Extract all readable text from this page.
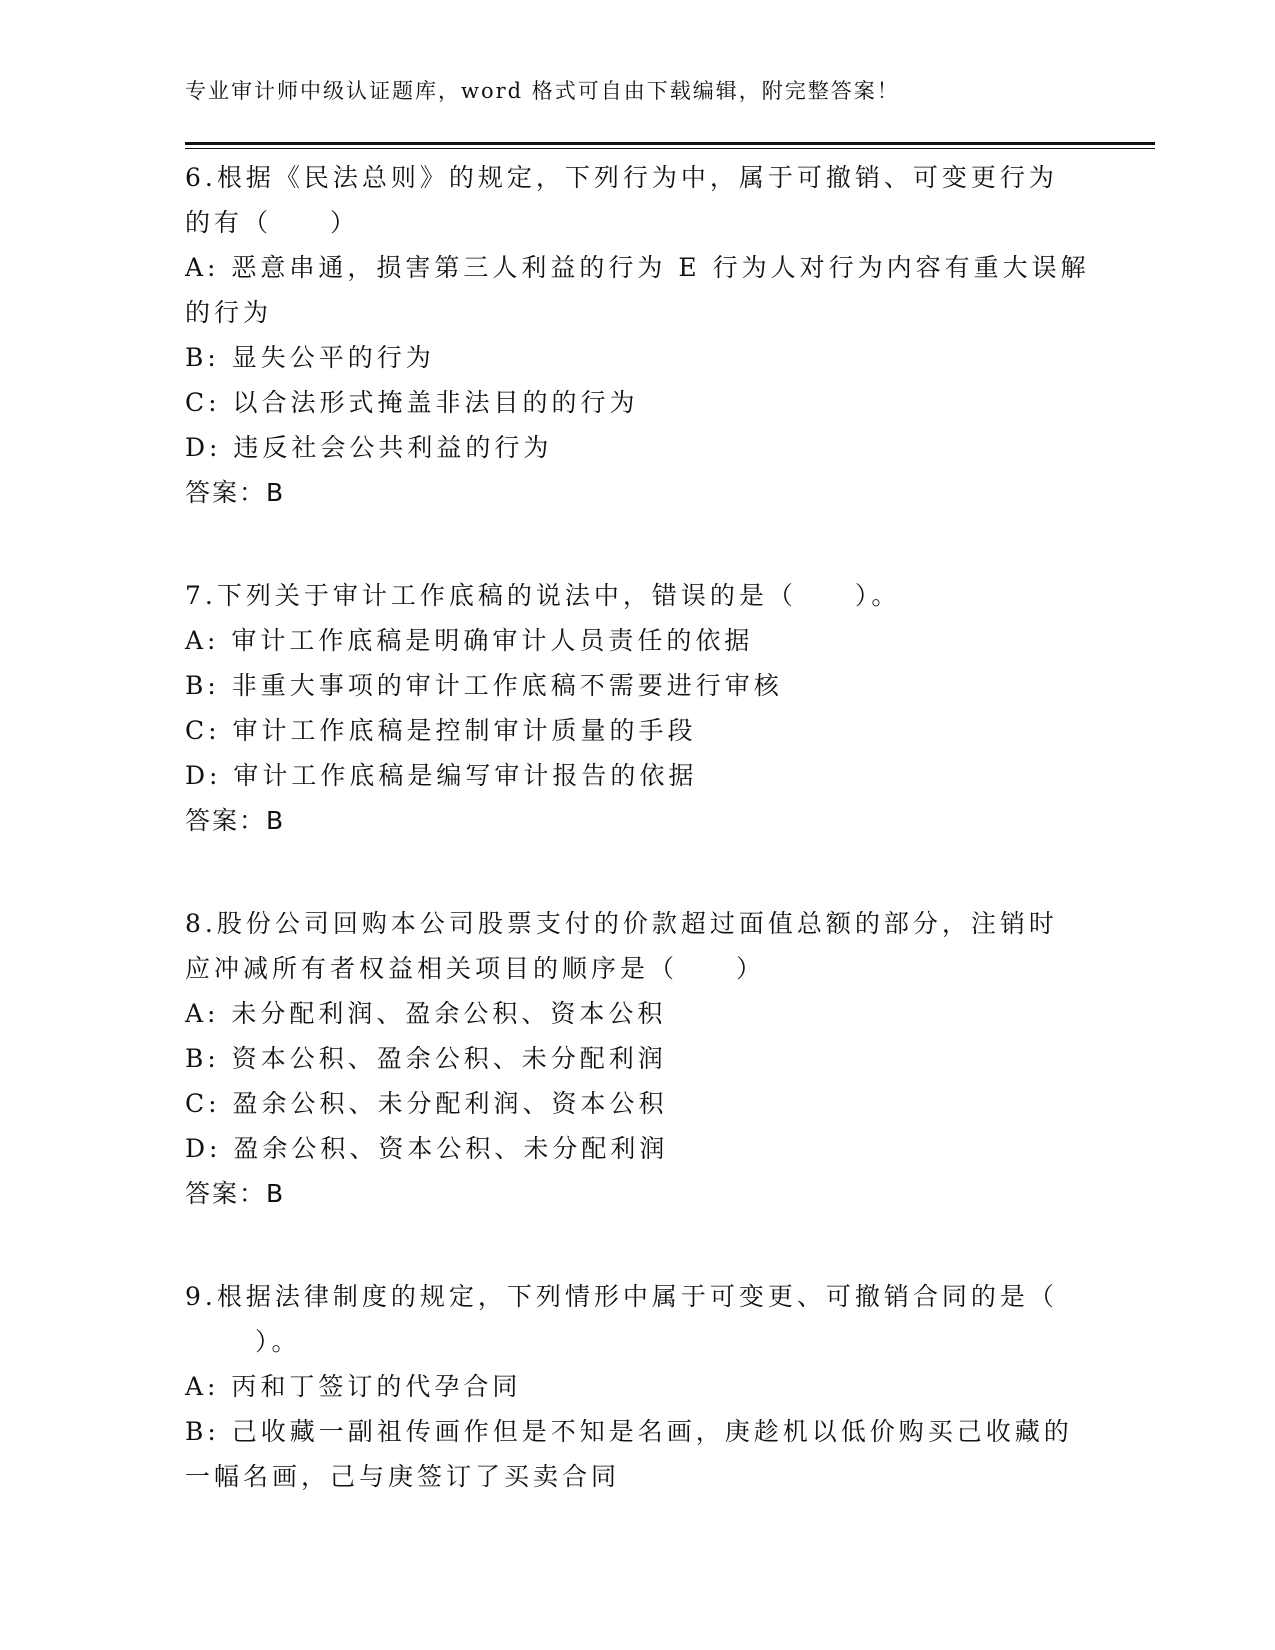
专业审计师中级认证题库，word 格式可自由下载编辑，附完整答案！
6.根据《民法总则》的规定，下列行为中，属于可撤销、可变更行为
的有（　　）
A: 恶意串通，损害第三人利益的行为 E 行为人对行为内容有重大误解
的行为
B: 显失公平的行为
C: 以合法形式掩盖非法目的的行为
D: 违反社会公共利益的行为
答案：B
7.下列关于审计工作底稿的说法中，错误的是（　　）。
A: 审计工作底稿是明确审计人员责任的依据
B: 非重大事项的审计工作底稿不需要进行审核
C: 审计工作底稿是控制审计质量的手段
D: 审计工作底稿是编写审计报告的依据
答案：B
8.股份公司回购本公司股票支付的价款超过面值总额的部分，注销时
应冲减所有者权益相关项目的顺序是（　　）
A: 未分配利润、盈余公积、资本公积
B: 资本公积、盈余公积、未分配利润
C: 盈余公积、未分配利润、资本公积
D: 盈余公积、资本公积、未分配利润
答案：B
9.根据法律制度的规定，下列情形中属于可变更、可撤销合同的是（
）。
A: 丙和丁签订的代孕合同
B: 己收藏一副祖传画作但是不知是名画，庚趁机以低价购买己收藏的
一幅名画，己与庚签订了买卖合同
